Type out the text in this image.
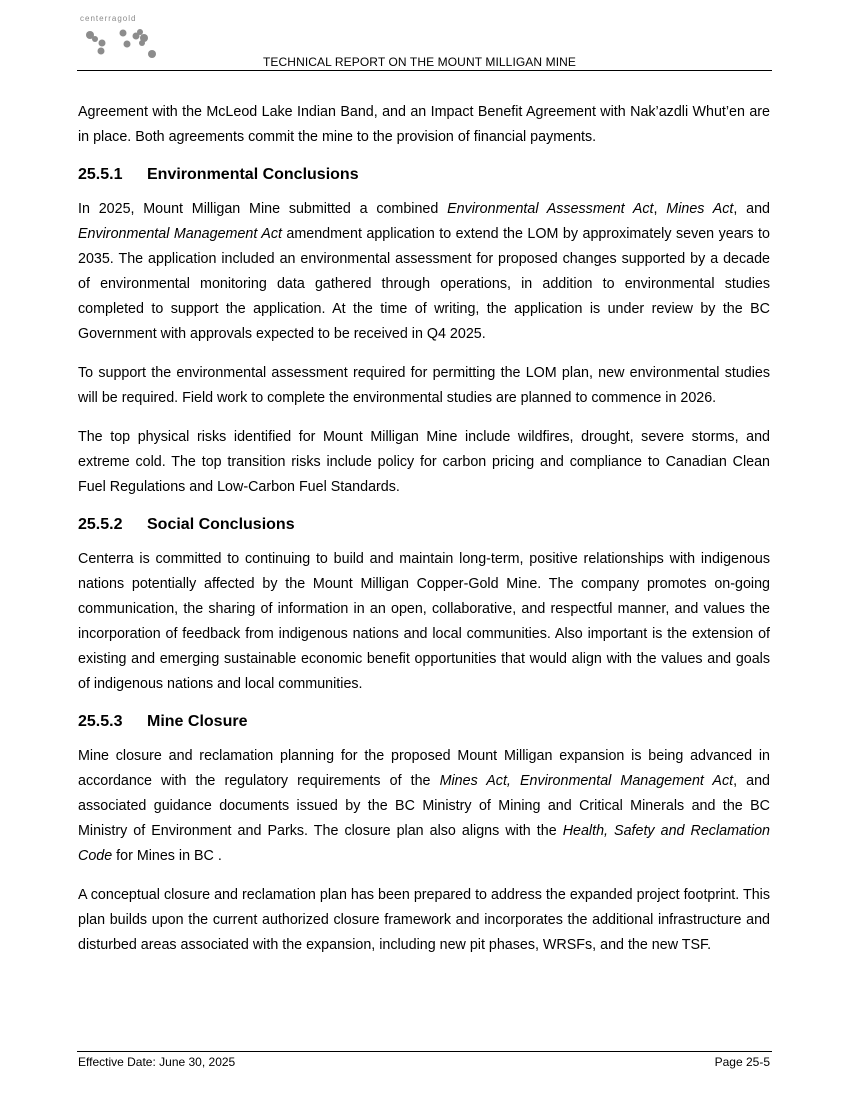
centerragold
TECHNICAL REPORT ON THE MOUNT MILLIGAN MINE

Agreement with the McLeod Lake Indian Band, and an Impact Benefit Agreement with Nak’azdli Whut’en are in place. Both agreements commit the mine to the provision of financial payments.

25.5.1 Environmental Conclusions

In 2025, Mount Milligan Mine submitted a combined Environmental Assessment Act, Mines Act, and Environmental Management Act amendment application to extend the LOM by approximately seven years to 2035. The application included an environmental assessment for proposed changes supported by a decade of environmental monitoring data gathered through operations, in addition to environmental studies completed to support the application. At the time of writing, the application is under review by the BC Government with approvals expected to be received in Q4 2025.

To support the environmental assessment required for permitting the LOM plan, new environmental studies will be required. Field work to complete the environmental studies are planned to commence in 2026.

The top physical risks identified for Mount Milligan Mine include wildfires, drought, severe storms, and extreme cold. The top transition risks include policy for carbon pricing and compliance to Canadian Clean Fuel Regulations and Low-Carbon Fuel Standards.

25.5.2 Social Conclusions

Centerra is committed to continuing to build and maintain long-term, positive relationships with indigenous nations potentially affected by the Mount Milligan Copper-Gold Mine. The company promotes on-going communication, the sharing of information in an open, collaborative, and respectful manner, and values the incorporation of feedback from indigenous nations and local communities. Also important is the extension of existing and emerging sustainable economic benefit opportunities that would align with the values and goals of indigenous nations and local communities.

25.5.3 Mine Closure

Mine closure and reclamation planning for the proposed Mount Milligan expansion is being advanced in accordance with the regulatory requirements of the Mines Act, Environmental Management Act, and associated guidance documents issued by the BC Ministry of Mining and Critical Minerals and the BC Ministry of Environment and Parks. The closure plan also aligns with the Health, Safety and Reclamation Code for Mines in BC .

A conceptual closure and reclamation plan has been prepared to address the expanded project footprint. This plan builds upon the current authorized closure framework and incorporates the additional infrastructure and disturbed areas associated with the expansion, including new pit phases, WRSFs, and the new TSF.

Effective Date: June 30, 2025	Page 25-5
